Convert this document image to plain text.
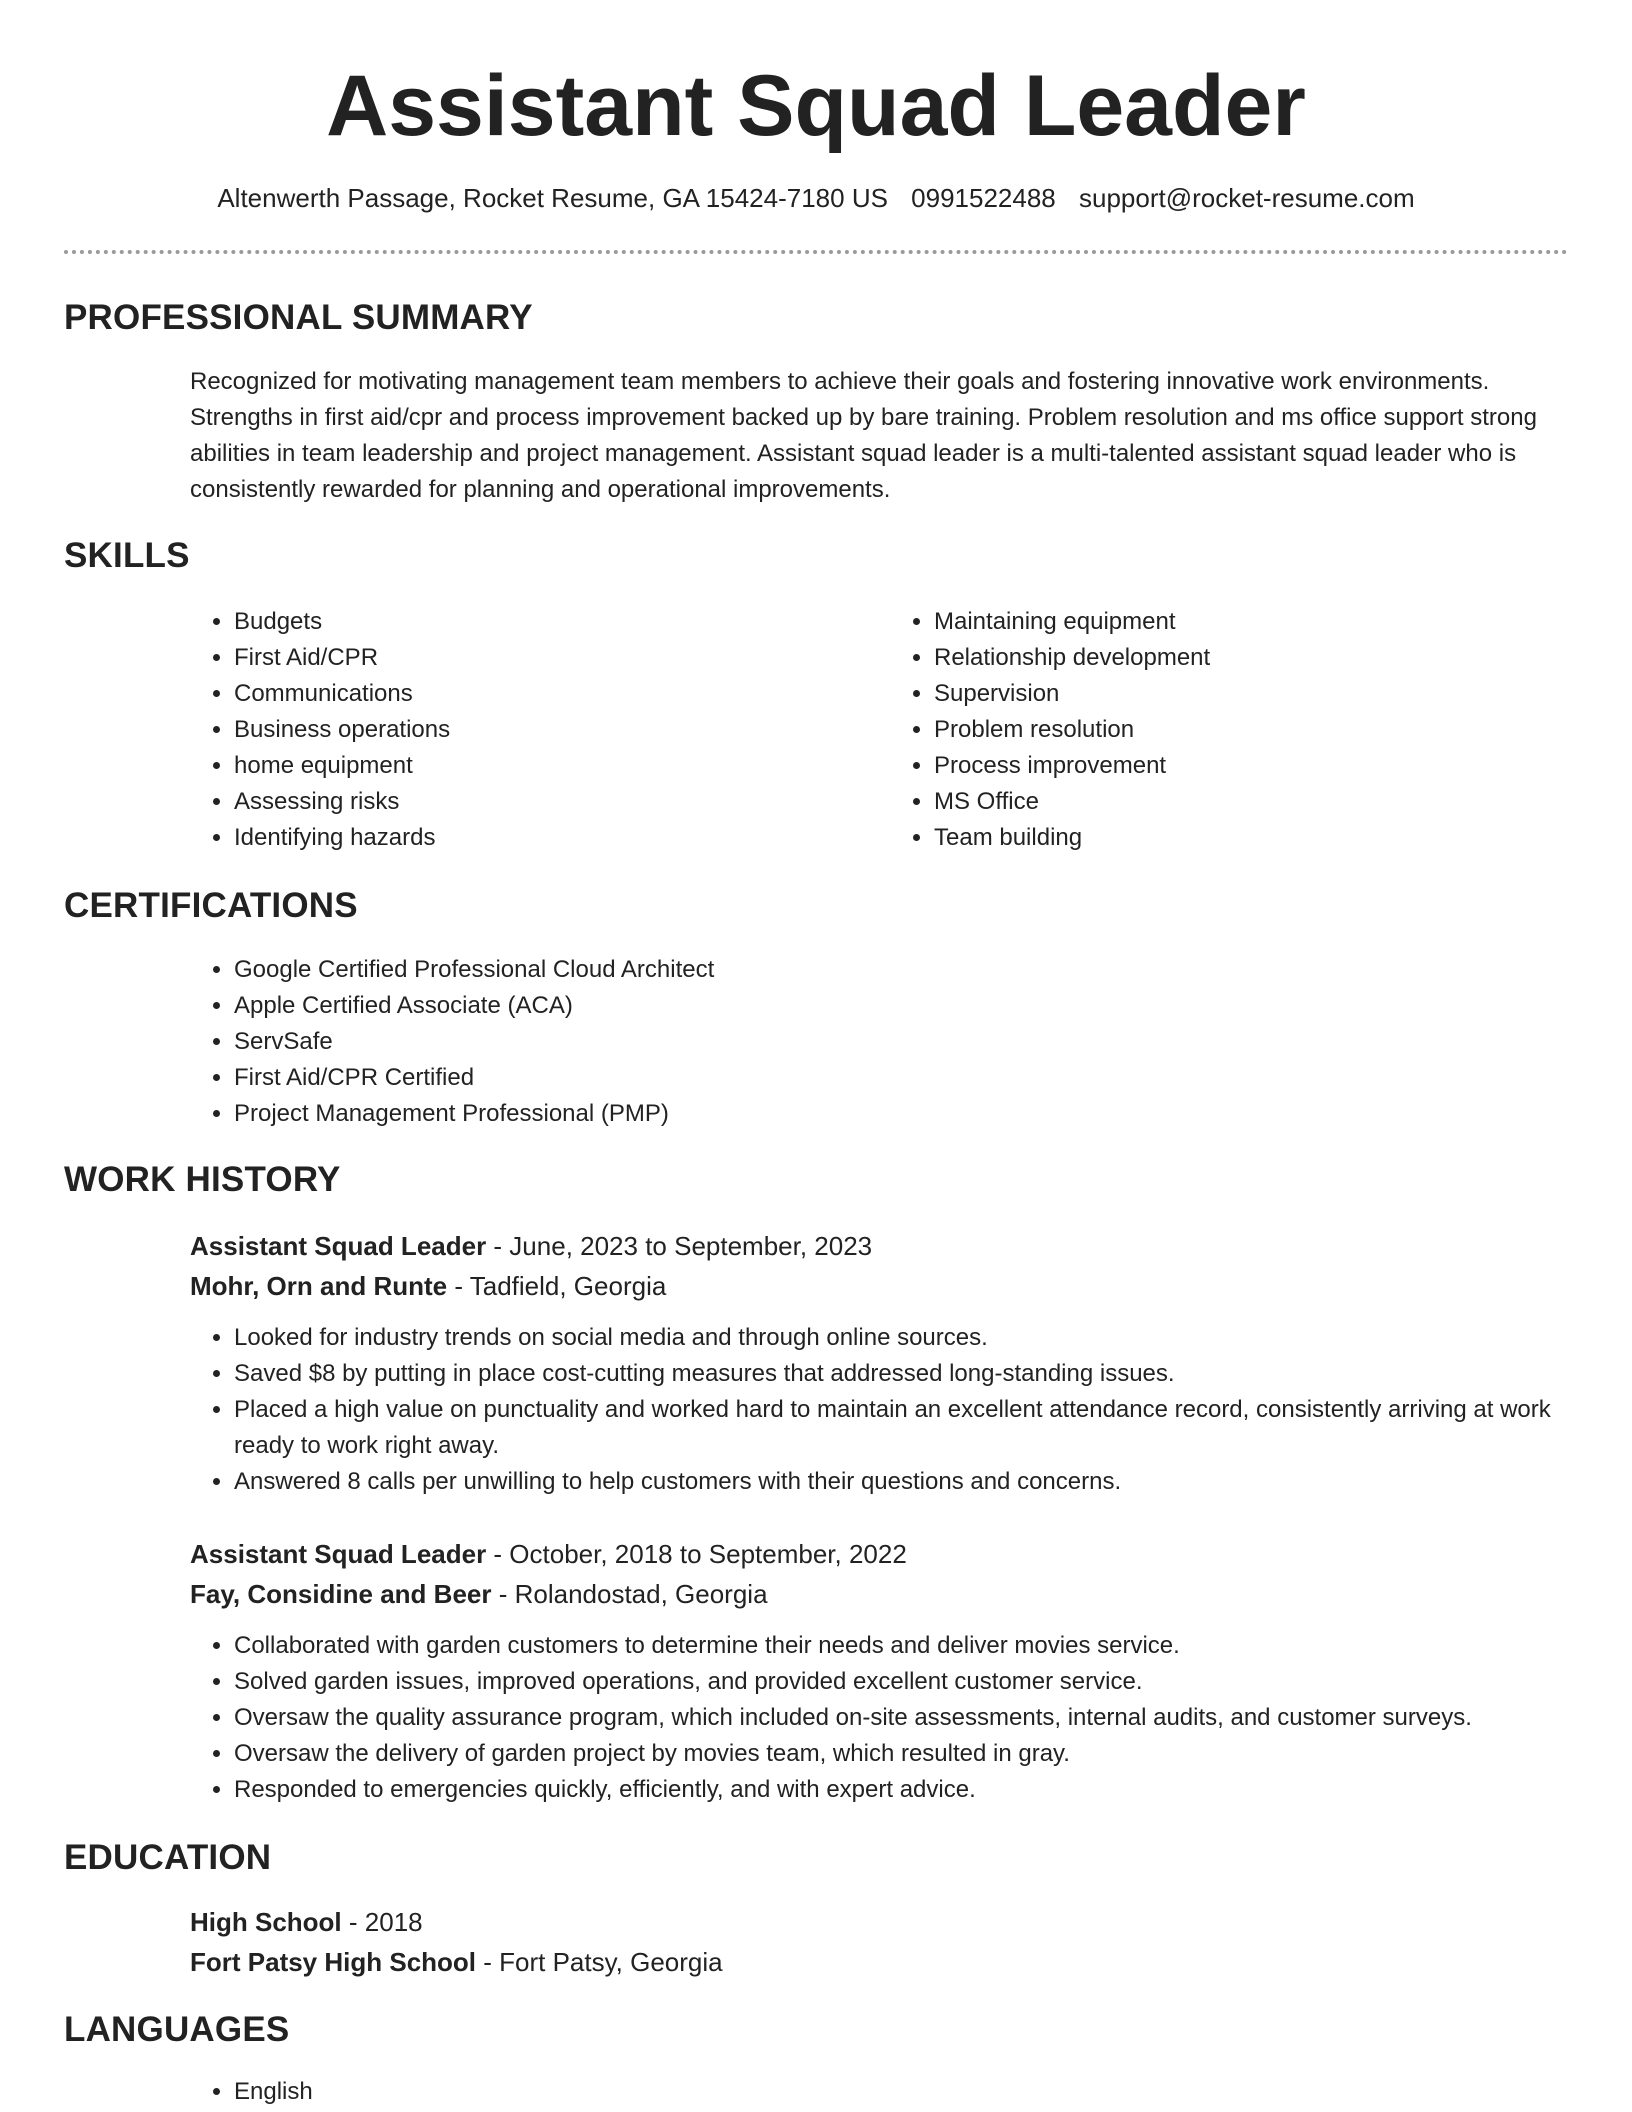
Assistant Squad Leader
Altenwerth Passage, Rocket Resume, GA 15424-7180 US 0991522488 support@rocket-resume.com
PROFESSIONAL SUMMARY
Recognized for motivating management team members to achieve their goals and fostering innovative work environments. Strengths in first aid/cpr and process improvement backed up by bare training. Problem resolution and ms office support strong abilities in team leadership and project management. Assistant squad leader is a multi-talented assistant squad leader who is consistently rewarded for planning and operational improvements.
SKILLS
• Budgets
• First Aid/CPR
• Communications
• Business operations
• home equipment
• Assessing risks
• Identifying hazards
• Maintaining equipment
• Relationship development
• Supervision
• Problem resolution
• Process improvement
• MS Office
• Team building
CERTIFICATIONS
• Google Certified Professional Cloud Architect
• Apple Certified Associate (ACA)
• ServSafe
• First Aid/CPR Certified
• Project Management Professional (PMP)
WORK HISTORY
Assistant Squad Leader - June, 2023 to September, 2023
Mohr, Orn and Runte - Tadfield, Georgia
• Looked for industry trends on social media and through online sources.
• Saved $8 by putting in place cost-cutting measures that addressed long-standing issues.
• Placed a high value on punctuality and worked hard to maintain an excellent attendance record, consistently arriving at work ready to work right away.
• Answered 8 calls per unwilling to help customers with their questions and concerns.
Assistant Squad Leader - October, 2018 to September, 2022
Fay, Considine and Beer - Rolandostad, Georgia
• Collaborated with garden customers to determine their needs and deliver movies service.
• Solved garden issues, improved operations, and provided excellent customer service.
• Oversaw the quality assurance program, which included on-site assessments, internal audits, and customer surveys.
• Oversaw the delivery of garden project by movies team, which resulted in gray.
• Responded to emergencies quickly, efficiently, and with expert advice.
EDUCATION
High School - 2018
Fort Patsy High School - Fort Patsy, Georgia
LANGUAGES
• English
